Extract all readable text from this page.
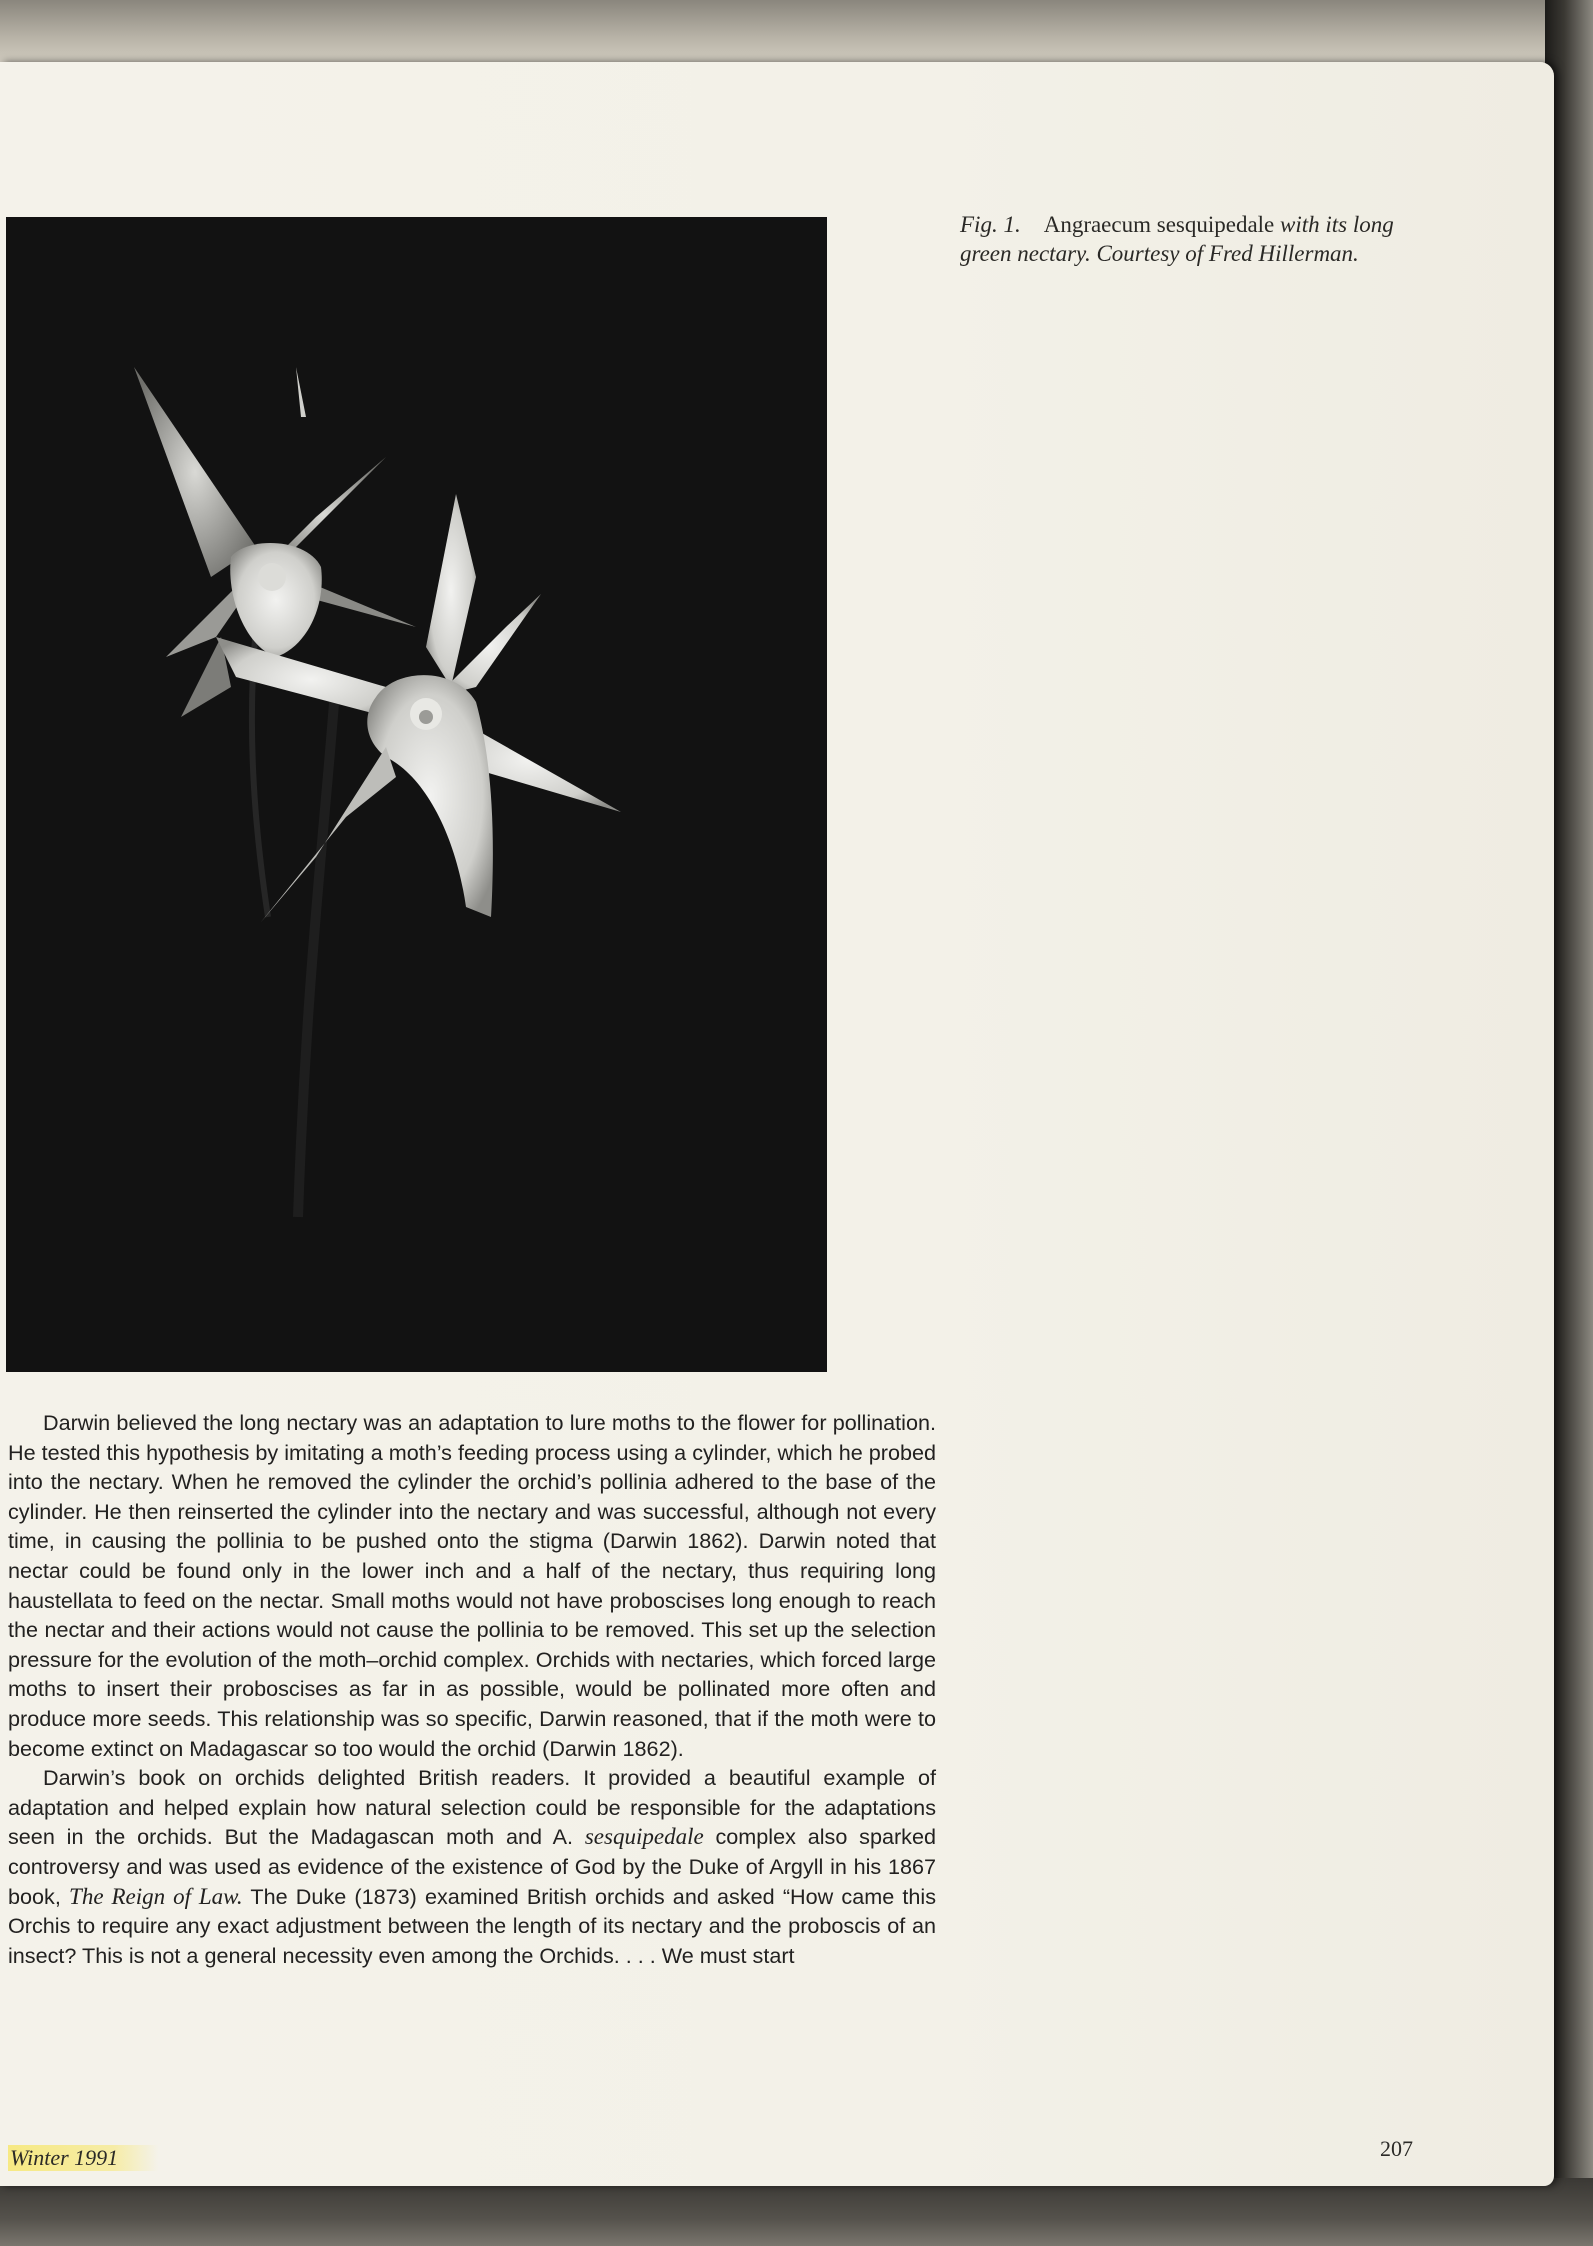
Fig. 1. Angraecum sesquipedale with its long green nectary. Courtesy of Fred Hillerman.

Darwin believed the long nectary was an adaptation to lure moths to the flower for pollination. He tested this hypothesis by imitating a moth’s feeding process using a cylinder, which he probed into the nectary. When he removed the cylinder the orchid’s pollinia adhered to the base of the cylinder. He then reinserted the cylinder into the nectary and was successful, although not every time, in causing the pollinia to be pushed onto the stigma (Darwin 1862). Darwin noted that nectar could be found only in the lower inch and a half of the nectary, thus requiring long haustellata to feed on the nectar. Small moths would not have proboscises long enough to reach the nectar and their actions would not cause the pollinia to be removed. This set up the selection pressure for the evolution of the moth–orchid complex. Orchids with nectaries, which forced large moths to insert their proboscises as far in as possible, would be pollinated more often and produce more seeds. This relationship was so specific, Darwin reasoned, that if the moth were to become extinct on Madagascar so too would the orchid (Darwin 1862).

Darwin’s book on orchids delighted British readers. It provided a beautiful example of adaptation and helped explain how natural selection could be responsible for the adaptations seen in the orchids. But the Madagascan moth and A. sesquipedale complex also sparked controversy and was used as evidence of the existence of God by the Duke of Argyll in his 1867 book, The Reign of Law. The Duke (1873) examined British orchids and asked “How came this Orchis to require any exact adjustment between the length of its nectary and the proboscis of an insect? This is not a general necessity even among the Orchids. . . . We must start

Winter 1991	207
